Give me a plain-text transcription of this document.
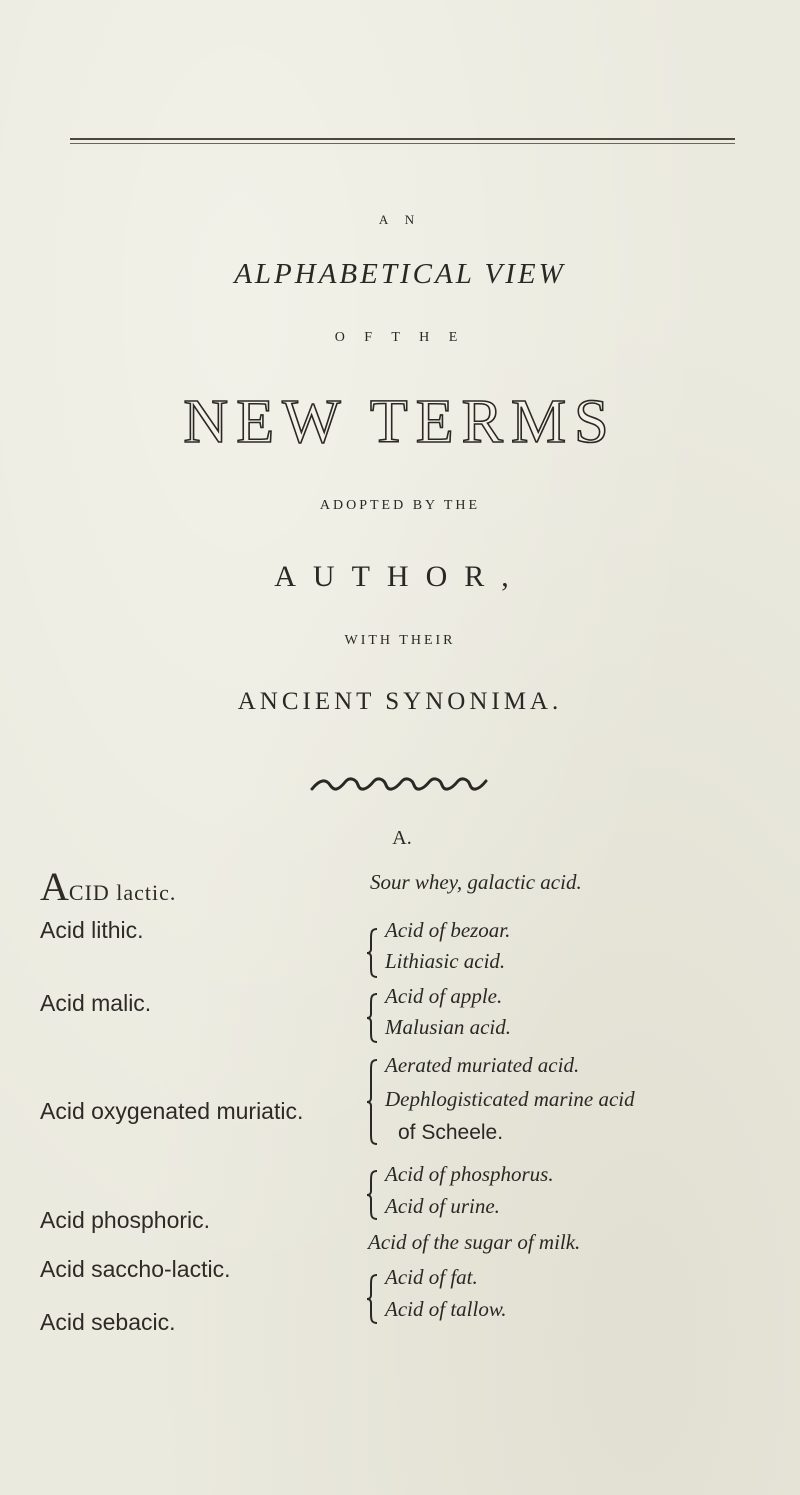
A N
ALPHABETICAL VIEW
O F T H E
NEW TERMS
ADOPTED BY THE
AUTHOR,
WITH THEIR
ANCIENT SYNONIMA.
A.
ACID lactic.
Acid lithic.
Acid malic.
Acid oxygenated muriatic.
Acid phosphoric.
Acid saccho-lactic.
Acid sebacic.
Sour whey, galactic acid.
Acid of bezoar.
Lithiasic acid.
Acid of apple.
Malusian acid.
Aerated muriated acid.
Dephlogisticated marine acid
of Scheele.
Acid of phosphorus.
Acid of urine.
Acid of the sugar of milk.
Acid of fat.
Acid of tallow.
